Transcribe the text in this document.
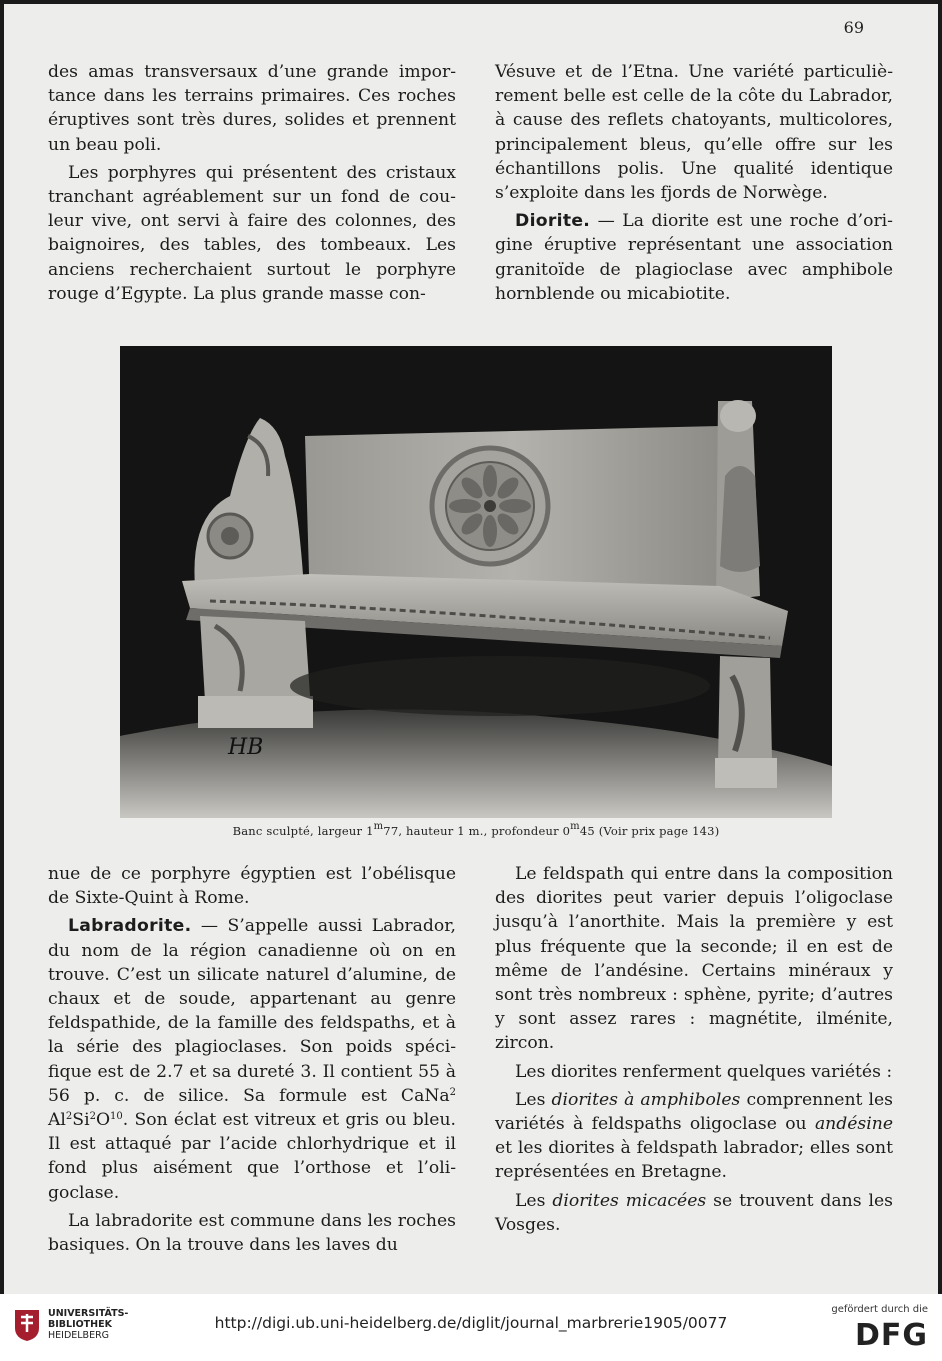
69

des amas transversaux d’une grande impor- tance dans les terrains primaires. Ces roches éruptives sont très dures, solides et prennent un beau poli.

Les porphyres qui présentent des cristaux tranchant agréablement sur un fond de cou- leur vive, ont servi à faire des colonnes, des baignoires, des tables, des tombeaux. Les anciens recherchaient surtout le porphyre rouge d’Egypte. La plus grande masse con-

Vésuve et de l’Etna. Une variété particuliè- rement belle est celle de la côte du Labrador, à cause des reflets chatoyants, multicolores, principalement bleus, qu’elle offre sur les échantillons polis. Une qualité identique s’exploite dans les fjords de Norwège.

Diorite. — La diorite est une roche d’ori- gine éruptive représentant une association granitoïde de plagioclase avec amphibole hornblende ou micabiotite.

HB
Banc sculpté, largeur 1$^m$77, hauteur 1 m., profondeur 0$^m$45 (Voir prix page 143)

nue de ce porphyre égyptien est l’obélisque de Sixte-Quint à Rome.

Labradorite. — S’appelle aussi Labrador, du nom de la région canadienne où on en trouve. C’est un silicate naturel d’alumine, de chaux et de soude, appartenant au genre feldspathide, de la famille des feldspaths, et à la série des plagioclases. Son poids spéci- fique est de 2.7 et sa dureté 3. Il contient 55 à 56 p. c. de silice. Sa formule est CaNa$^2$ $Al^2Si^2O^{10}$. Son éclat est vitreux et gris ou bleu. Il est attaqué par l’acide chlorhydrique et il fond plus aisément que l’orthose et l’oli- goclase.

La labradorite est commune dans les roches basiques. On la trouve dans les laves du

Le feldspath qui entre dans la composition des diorites peut varier depuis l’oligoclase jusqu’à l’anorthite. Mais la première y est plus fréquente que la seconde; il en est de même de l’andésine. Certains minéraux y sont très nombreux : sphène, pyrite; d’autres y sont assez rares : magnétite, ilménite, zircon.

Les diorites renferment quelques variétés :

Les diorites à amphiboles comprennent les variétés à feldspaths oligoclase ou andésine et les diorites à feldspath labrador; elles sont représentées en Bretagne.

Les diorites micacées se trouvent dans les Vosges.

UNIVERSITÄTS-
BIBLIOTHEK
HEIDELBERG
http://digi.ub.uni-heidelberg.de/diglit/journal_marbrerie1905/0077
gefördert durch die
DFG
